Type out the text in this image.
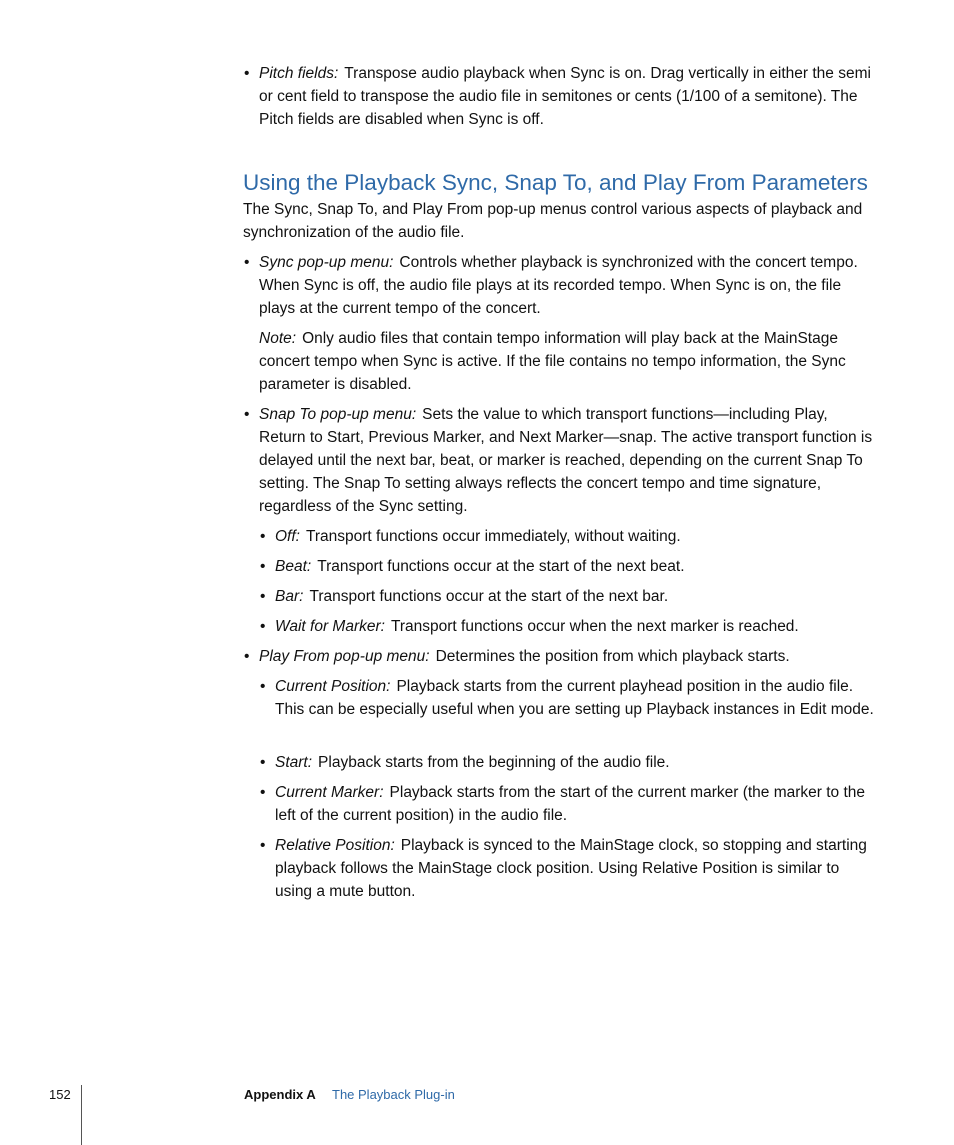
• Pitch fields: Transpose audio playback when Sync is on. Drag vertically in either the semi or cent field to transpose the audio file in semitones or cents (1/100 of a semitone). The Pitch fields are disabled when Sync is off.

Using the Playback Sync, Snap To, and Play From Parameters

The Sync, Snap To, and Play From pop-up menus control various aspects of playback and synchronization of the audio file.

• Sync pop-up menu: Controls whether playback is synchronized with the concert tempo. When Sync is off, the audio file plays at its recorded tempo. When Sync is on, the file plays at the current tempo of the concert.

Note: Only audio files that contain tempo information will play back at the MainStage concert tempo when Sync is active. If the file contains no tempo information, the Sync parameter is disabled.

• Snap To pop-up menu: Sets the value to which transport functions—including Play, Return to Start, Previous Marker, and Next Marker—snap. The active transport function is delayed until the next bar, beat, or marker is reached, depending on the current Snap To setting. The Snap To setting always reflects the concert tempo and time signature, regardless of the Sync setting.

• Off: Transport functions occur immediately, without waiting.

• Beat: Transport functions occur at the start of the next beat.

• Bar: Transport functions occur at the start of the next bar.

• Wait for Marker: Transport functions occur when the next marker is reached.

• Play From pop-up menu: Determines the position from which playback starts.

• Current Position: Playback starts from the current playhead position in the audio file. This can be especially useful when you are setting up Playback instances in Edit mode.

• Start: Playback starts from the beginning of the audio file.

• Current Marker: Playback starts from the start of the current marker (the marker to the left of the current position) in the audio file.

• Relative Position: Playback is synced to the MainStage clock, so stopping and starting playback follows the MainStage clock position. Using Relative Position is similar to using a mute button.

152	Appendix A The Playback Plug-in
